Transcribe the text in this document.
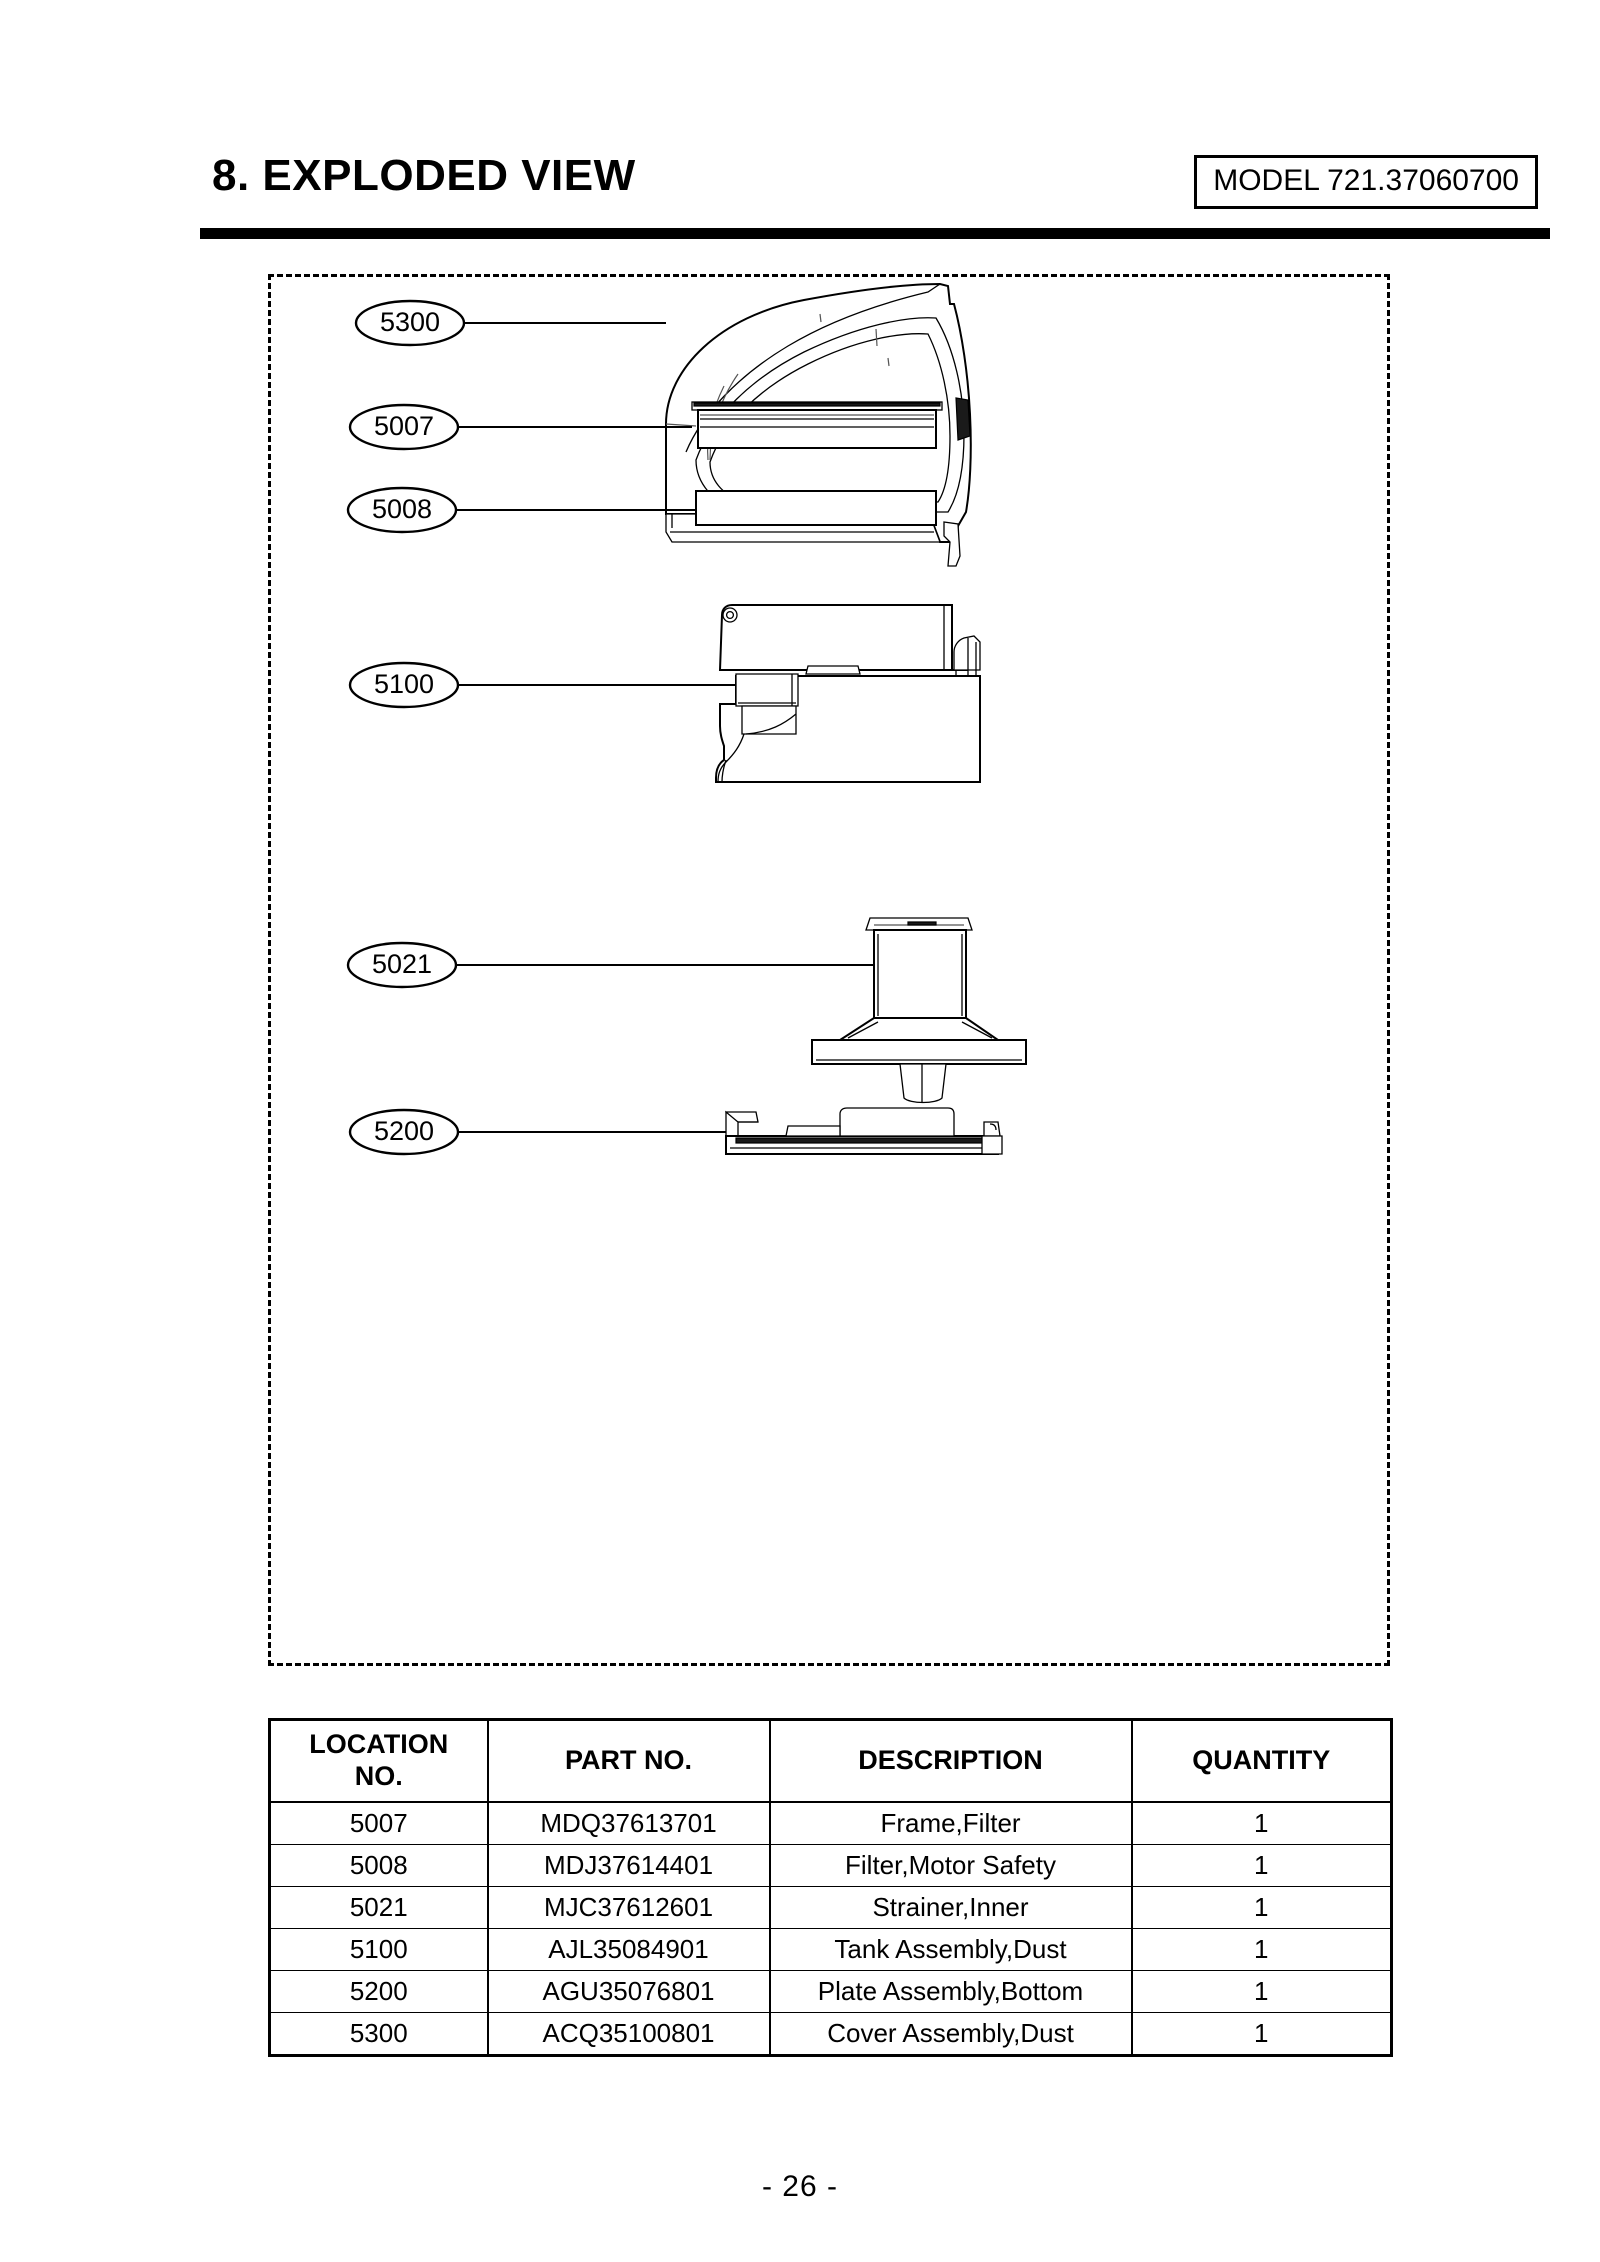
8. EXPLODED VIEW	MODEL 721.37060700
5300
5007
5008
5100
5021
5200
LOCATION
NO.	PART NO.	DESCRIPTION	QUANTITY
5007	MDQ37613701	Frame,Filter	1
5008	MDJ37614401	Filter,Motor Safety	1
5021	MJC37612601	Strainer,Inner	1
5100	AJL35084901	Tank Assembly,Dust	1
5200	AGU35076801	Plate Assembly,Bottom	1
5300	ACQ35100801	Cover Assembly,Dust	1
- 26 -
